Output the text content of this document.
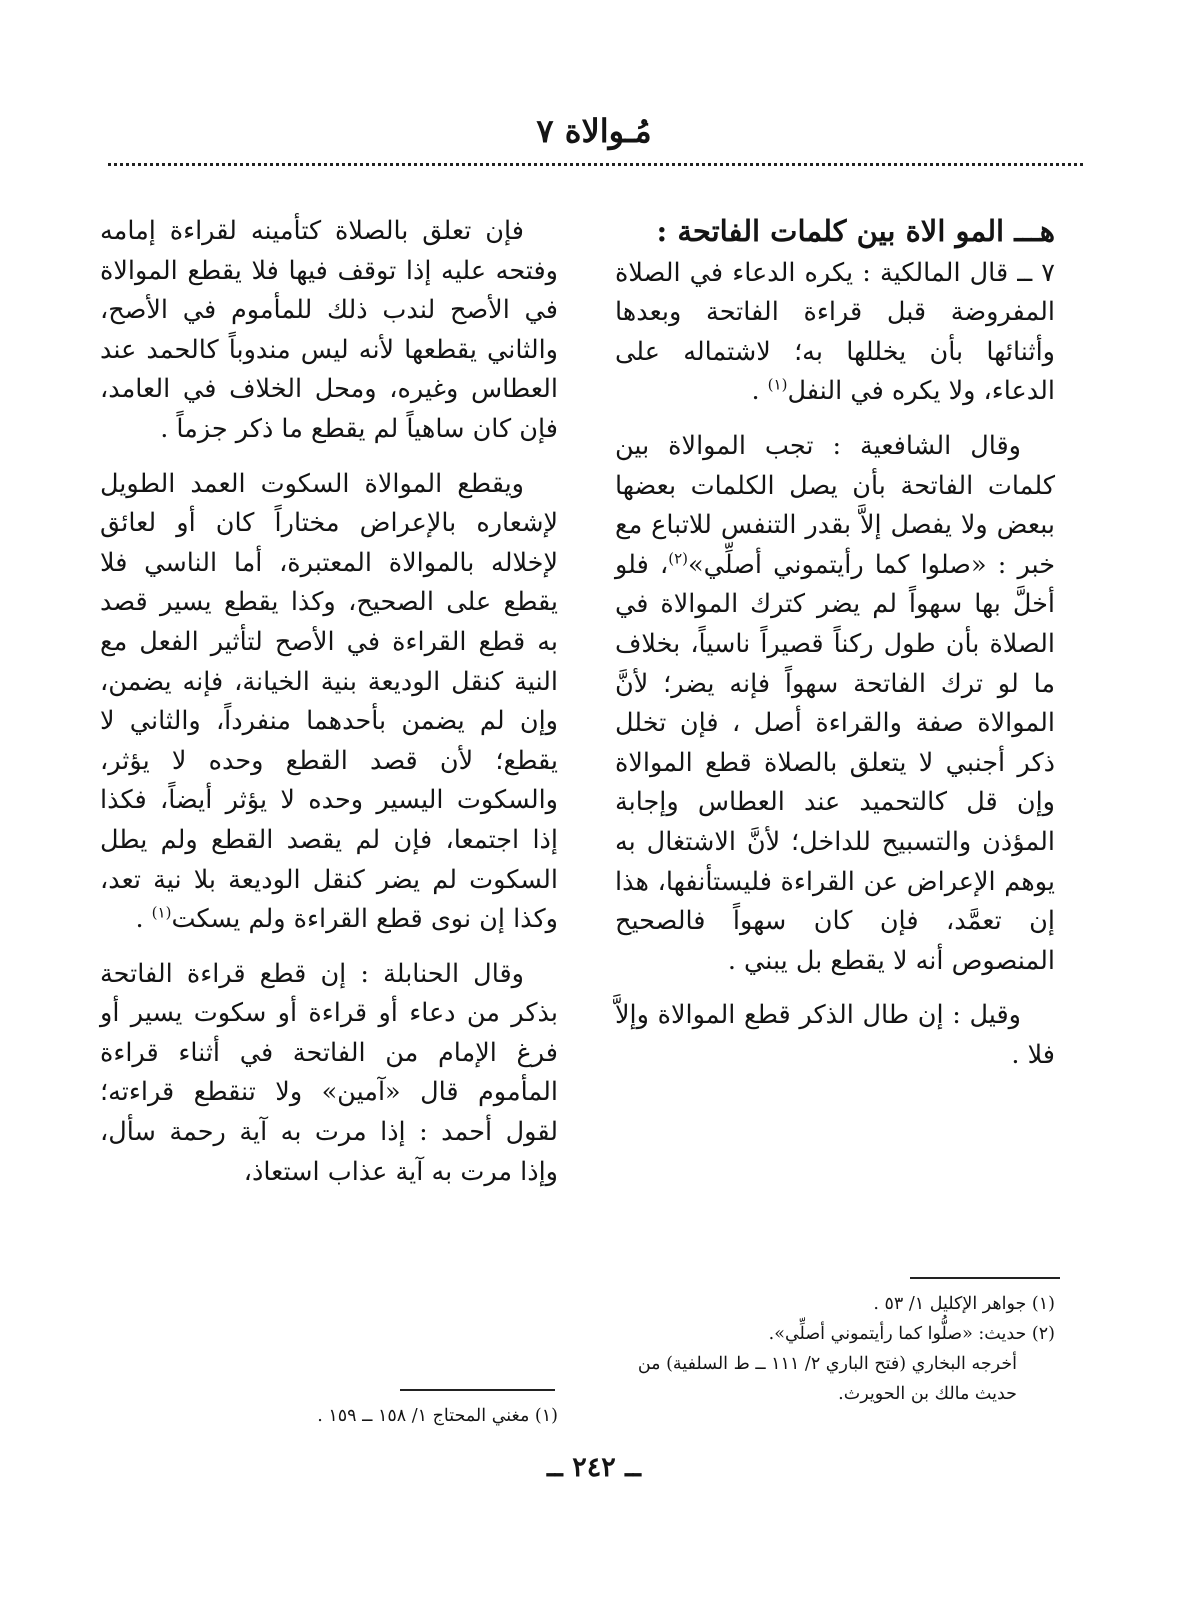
مُـوالاة ٧
هـــ المو الاة بين كلمات الفاتحة :

٧ ــ قال المالكية : يكره الدعاء في الصلاة المفروضة قبل قراءة الفاتحة وبعدها وأثنائها بأن يخللها به؛ لاشتماله على الدعاء، ولا يكره في النفل$^{(١)}$ .

وقال الشافعية : تجب الموالاة بين كلمات الفاتحة بأن يصل الكلمات بعضها ببعض ولا يفصل إلاَّ بقدر التنفس للاتباع مع خبر : «صلوا كما رأيتموني أصلِّي»$^{(٢)}$، فلو أخلَّ بها سهواً لم يضر كترك الموالاة في الصلاة بأن طول ركناً قصيراً ناسياً، بخلاف ما لو ترك الفاتحة سهواً فإنه يضر؛ لأنَّ الموالاة صفة والقراءة أصل ، فإن تخلل ذكر أجنبي لا يتعلق بالصلاة قطع الموالاة وإن قل كالتحميد عند العطاس وإجابة المؤذن والتسبيح للداخل؛ لأنَّ الاشتغال به يوهم الإعراض عن القراءة فليستأنفها، هذا إن تعمَّد، فإن كان سهواً فالصحيح المنصوص أنه لا يقطع بل يبني .

وقيل : إن طال الذكر قطع الموالاة وإلاَّ فلا .

فإن تعلق بالصلاة كتأمينه لقراءة إمامه وفتحه عليه إذا توقف فيها فلا يقطع الموالاة في الأصح لندب ذلك للمأموم في الأصح، والثاني يقطعها لأنه ليس مندوباً كالحمد عند العطاس وغيره، ومحل الخلاف في العامد، فإن كان ساهياً لم يقطع ما ذكر جزماً .

ويقطع الموالاة السكوت العمد الطويل لإشعاره بالإعراض مختاراً كان أو لعائق لإخلاله بالموالاة المعتبرة، أما الناسي فلا يقطع على الصحيح، وكذا يقطع يسير قصد به قطع القراءة في الأصح لتأثير الفعل مع النية كنقل الوديعة بنية الخيانة، فإنه يضمن، وإن لم يضمن بأحدهما منفرداً، والثاني لا يقطع؛ لأن قصد القطع وحده لا يؤثر، والسكوت اليسير وحده لا يؤثر أيضاً، فكذا إذا اجتمعا، فإن لم يقصد القطع ولم يطل السكوت لم يضر كنقل الوديعة بلا نية تعد، وكذا إن نوى قطع القراءة ولم يسكت$^{(١)}$ .

وقال الحنابلة : إن قطع قراءة الفاتحة بذكر من دعاء أو قراءة أو سكوت يسير أو فرغ الإمام من الفاتحة في أثناء قراءة المأموم قال «آمين» ولا تنقطع قراءته؛ لقول أحمد : إذا مرت به آية رحمة سأل، وإذا مرت به آية عذاب استعاذ،

(١) جواهر الإكليل ١/ ٥٣ .
(٢) حديث: «صلُّوا كما رأيتموني أصلِّي».
أخرجه البخاري (فتح الباري ٢/ ١١١ ــ ط السلفية) من حديث مالك بن الحويرث.
(١) مغني المحتاج ١/ ١٥٨ ــ ١٥٩ .
ــ ٢٤٢ ــ
